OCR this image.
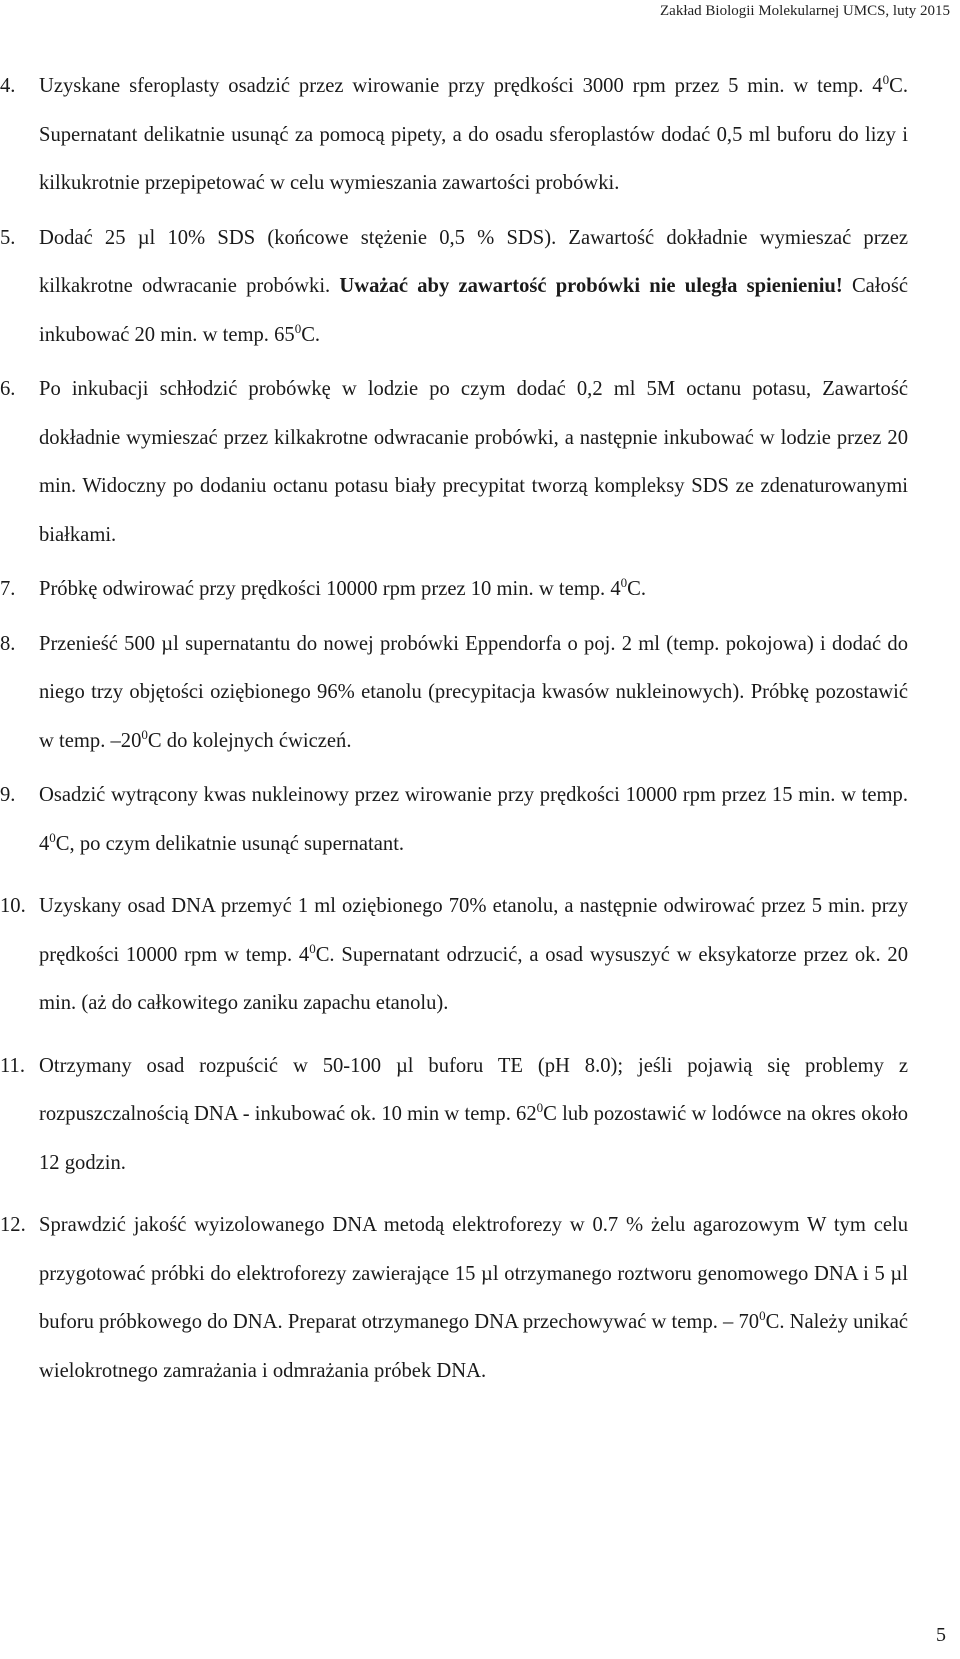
Zakład Biologii Molekularnej UMCS, luty 2015
4. Uzyskane sferoplasty osadzić przez wirowanie przy prędkości 3000 rpm przez 5 min. w temp. $4^0C$. Supernatant delikatnie usunąć za pomocą pipety, a do osadu sferoplastów dodać 0,5 ml buforu do lizy i kilkukrotnie przepipetować w celu wymieszania zawartości probówki.

5. Dodać 25 µl 10% SDS (końcowe stężenie 0,5 % SDS). Zawartość dokładnie wymieszać przez kilkakrotne odwracanie probówki. Uważać aby zawartość probówki nie uległa spienieniu! Całość inkubować 20 min. w temp. $65^0C$.

6. Po inkubacji schłodzić probówkę w lodzie po czym dodać 0,2 ml 5M octanu potasu, Zawartość dokładnie wymieszać przez kilkakrotne odwracanie probówki, a następnie inkubować w lodzie przez 20 min. Widoczny po dodaniu octanu potasu biały precypitat tworzą kompleksy SDS ze zdenaturowanymi białkami.

7. Próbkę odwirować przy prędkości 10000 rpm przez 10 min. w temp. $4^0C$.

8. Przenieść 500 µl supernatantu do nowej probówki Eppendorfa o poj. 2 ml (temp. pokojowa) i dodać do niego trzy objętości oziębionego 96% etanolu (precypitacja kwasów nukleinowych). Próbkę pozostawić w temp. $-20^0C$ do kolejnych ćwiczeń.

9. Osadzić wytrącony kwas nukleinowy przez wirowanie przy prędkości 10000 rpm przez 15 min. w temp. $4^0C$, po czym delikatnie usunąć supernatant.

10. Uzyskany osad DNA przemyć 1 ml oziębionego 70% etanolu, a następnie odwirować przez 5 min. przy prędkości 10000 rpm w temp. $4^0C$. Supernatant odrzucić, a osad wysuszyć w eksykatorze przez ok. 20 min. (aż do całkowitego zaniku zapachu etanolu).

11. Otrzymany osad rozpuścić w 50-100 µl buforu TE (pH 8.0); jeśli pojawią się problemy z rozpuszczalnością DNA - inkubować ok. 10 min w temp. $62^0C$ lub pozostawić w lodówce na okres około 12 godzin.

12. Sprawdzić jakość wyizolowanego DNA metodą elektroforezy w 0.7 % żelu agarozowym W tym celu przygotować próbki do elektroforezy zawierające 15 µl otrzymanego roztworu genomowego DNA i 5 µl buforu próbkowego do DNA. Preparat otrzymanego DNA przechowywać w temp. – $70^0C$. Należy unikać wielokrotnego zamrażania i odmrażania próbek DNA.

5
